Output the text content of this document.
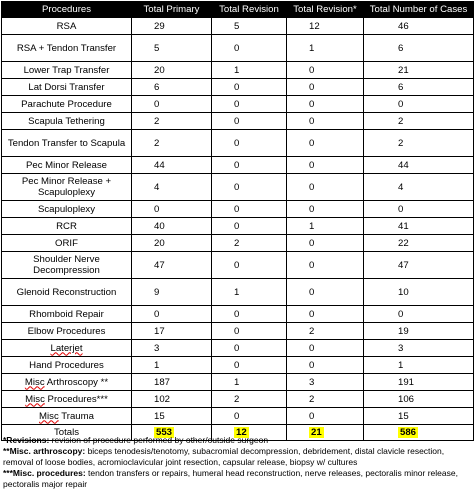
Procedures	Total Primary	Total Revision	Total Revision*	Total Number of Cases
RSA	29	5	12	46
RSA + Tendon Transfer	5	0	1	6
Lower Trap Transfer	20	1	0	21
Lat Dorsi Transfer	6	0	0	6
Parachute Procedure	0	0	0	0
Scapula Tethering	2	0	0	2
Tendon Transfer to Scapula	2	0	0	2
Pec Minor Release	44	0	0	44
Pec Minor Release + Scapuloplexy	4	0	0	4
Scapuloplexy	0	0	0	0
RCR	40	0	1	41
ORIF	20	2	0	22
Shoulder Nerve Decompression	47	0	0	47
Glenoid Reconstruction	9	1	0	10
Rhomboid Repair	0	0	0	0
Elbow Procedures	17	0	2	19
Laterjet	3	0	0	3
Hand Procedures	1	0	0	1
Misc Arthroscopy **	187	1	3	191
Misc Procedures***	102	2	2	106
Misc Trauma	15	0	0	15
Totals	553	12	21	586

*Revisions: revision of procedure performed by other/outside surgeon

**Misc. arthroscopy: biceps tenodesis/tenotomy, subacromial decompression, debridement, distal clavicle resection, removal of loose bodies, acromioclavicular joint resection, capsular release, biopsy w/ cultures

***Misc. procedures: tendon transfers or repairs, humeral head reconstruction, nerve releases, pectoralis minor release, pectoralis major repair
